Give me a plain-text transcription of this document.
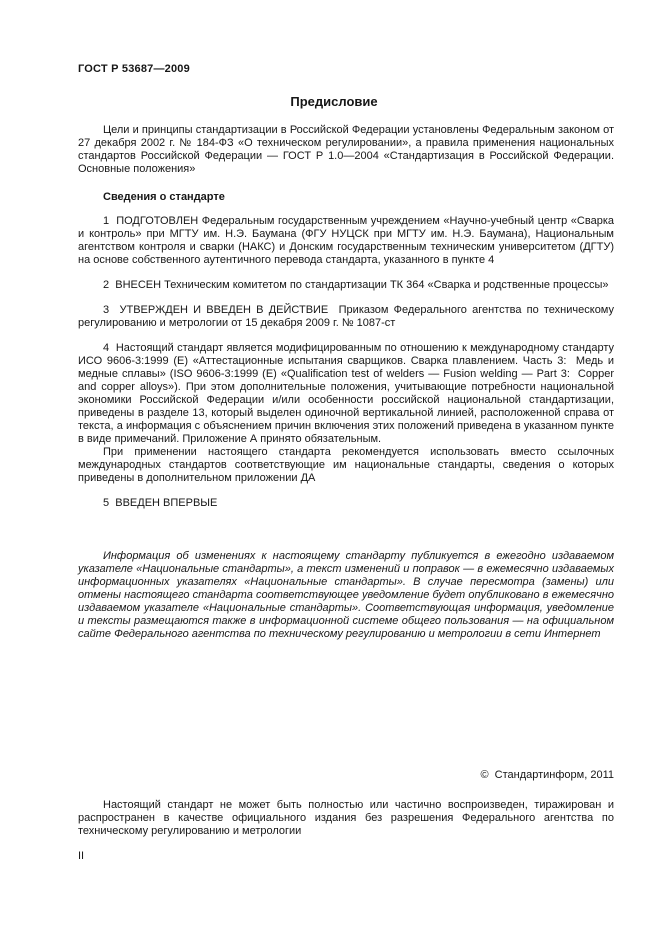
ГОСТ Р 53687—2009
Предисловие

Цели и принципы стандартизации в Российской Федерации установлены Федеральным законом от 27 декабря 2002 г. № 184-ФЗ «О техническом регулировании», а правила применения национальных стандартов Российской Федерации — ГОСТ Р 1.0—2004 «Стандартизация в Российской Федерации. Основные положения»

Сведения о стандарте

1  ПОДГОТОВЛЕН Федеральным государственным учреждением «Научно-учебный центр «Сварка и контроль» при МГТУ им. Н.Э. Баумана (ФГУ НУЦСК при МГТУ им. Н.Э. Баумана), Национальным агентством контроля и сварки (НАКС) и Донским государственным техническим университетом (ДГТУ) на основе собственного аутентичного перевода стандарта, указанного в пункте 4

2  ВНЕСЕН Техническим комитетом по стандартизации ТК 364 «Сварка и родственные процессы»

3  УТВЕРЖДЕН И ВВЕДЕН В ДЕЙСТВИЕ  Приказом Федерального агентства по техническому регулированию и метрологии от 15 декабря 2009 г. № 1087-ст

4  Настоящий стандарт является модифицированным по отношению к международному стандарту ИСО 9606-3:1999 (Е) «Аттестационные испытания сварщиков. Сварка плавлением. Часть 3:  Медь и медные сплавы» (ISO 9606-3:1999 (E) «Qualification test of welders — Fusion welding — Part 3:  Copper and copper alloys»). При этом дополнительные положения, учитывающие потребности национальной экономики Российской Федерации и/или особенности российской национальной стандартизации, приведены в разделе 13, который выделен одиночной вертикальной линией, расположенной справа от текста, а информация с объяснением причин включения этих положений приведена в указанном пункте в виде примечаний. Приложение А принято обязательным.

При применении настоящего стандарта рекомендуется использовать вместо ссылочных международных стандартов соответствующие им национальные стандарты, сведения о которых приведены в дополнительном приложении ДА

5  ВВЕДЕН ВПЕРВЫЕ

Информация об изменениях к настоящему стандарту публикуется в ежегодно издаваемом указателе «Национальные стандарты», а текст изменений и поправок — в ежемесячно издаваемых информационных указателях «Национальные стандарты». В случае пересмотра (замены) или отмены настоящего стандарта соответствующее уведомление будет опубликовано в ежемесячно издаваемом указателе «Национальные стандарты». Соответствующая информация, уведомление и тексты размещаются также в информационной системе общего пользования — на официальном сайте Федерального агентства по техническому регулированию и метрологии в сети Интернет

©  Стандартинформ, 2011

Настоящий стандарт не может быть полностью или частично воспроизведен, тиражирован и распространен в качестве официального издания без разрешения Федерального агентства по техническому регулированию и метрологии

II
